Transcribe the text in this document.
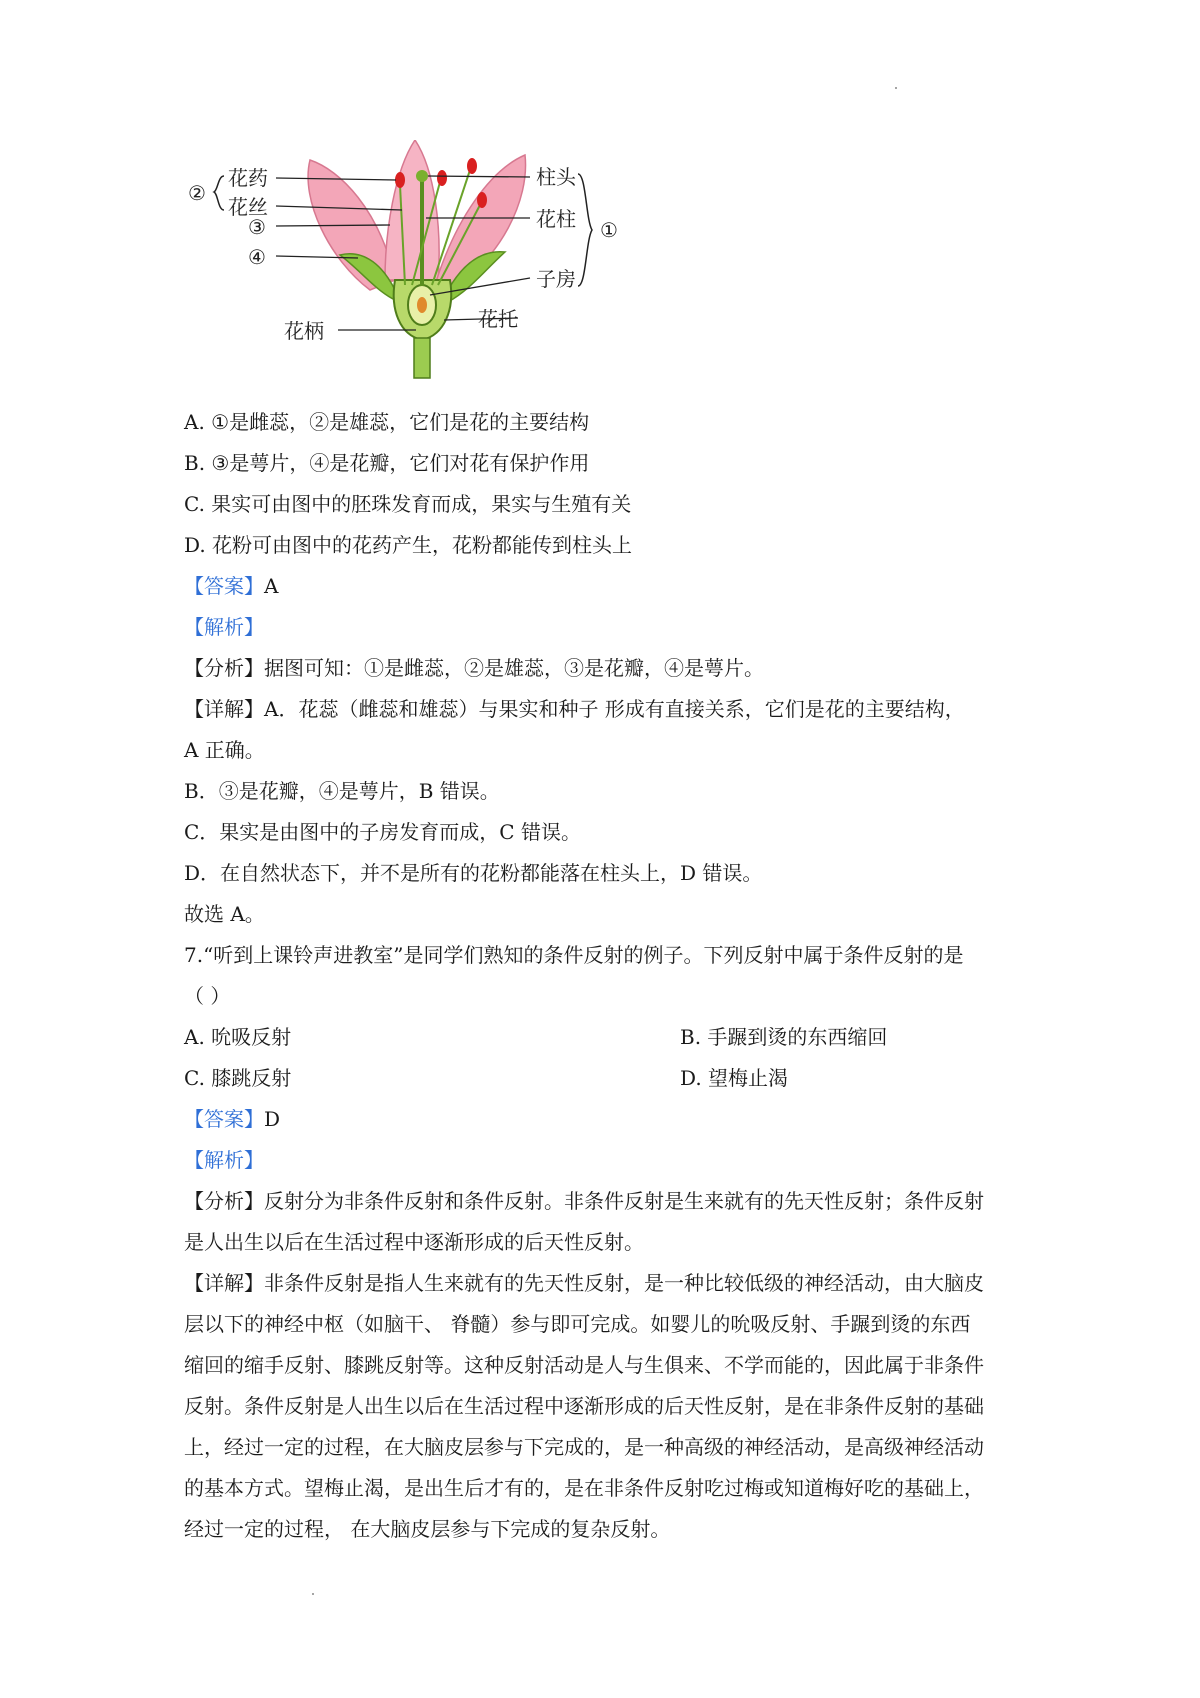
②
花药
花丝
③
④
花柄
柱头
花柱
子房
花托
①
A. ①是雌蕊，②是雄蕊，它们是花的主要结构
B. ③是萼片，④是花瓣，它们对花有保护作用
C. 果实可由图中的胚珠发育而成，果实与生殖有关
D. 花粉可由图中的花药产生，花粉都能传到柱头上
【答案】A
【解析】
【分析】据图可知：①是雌蕊，②是雄蕊，③是花瓣，④是萼片。
【详解】A．花蕊（雌蕊和雄蕊）与果实和种子 形成有直接关系，它们是花的主要结构，
A 正确。
B．③是花瓣，④是萼片，B 错误。
C．果实是由图中的子房发育而成，C 错误。
D．在自然状态下，并不是所有的花粉都能落在柱头上，D 错误。
故选 A。
7.“听到上课铃声进教室”是同学们熟知的条件反射的例子。下列反射中属于条件反射的是
（ ）
A. 吮吸反射	B. 手蹍到烫的东西缩回
C. 膝跳反射	D. 望梅止渴
【答案】D
【解析】
【分析】反射分为非条件反射和条件反射。非条件反射是生来就有的先天性反射；条件反射
是人出生以后在生活过程中逐渐形成的后天性反射。
【详解】非条件反射是指人生来就有的先天性反射，是一种比较低级的神经活动，由大脑皮
层以下的神经中枢（如脑干、 脊髓）参与即可完成。如婴儿的吮吸反射、手蹍到烫的东西
缩回的缩手反射、膝跳反射等。这种反射活动是人与生俱来、不学而能的，因此属于非条件
反射。条件反射是人出生以后在生活过程中逐渐形成的后天性反射，是在非条件反射的基础
上，经过一定的过程，在大脑皮层参与下完成的，是一种高级的神经活动，是高级神经活动
的基本方式。望梅止渴，是出生后才有的，是在非条件反射吃过梅或知道梅好吃的基础上，
经过一定的过程， 在大脑皮层参与下完成的复杂反射。
